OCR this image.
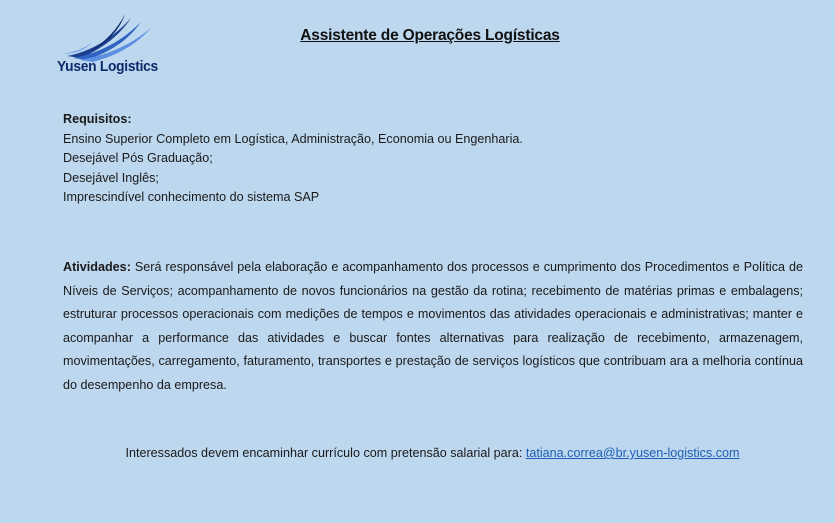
Yusen Logistics
Assistente de Operações Logísticas
Requisitos:
Ensino Superior Completo em Logística, Administração, Economia ou Engenharia.
Desejável Pós Graduação;
Desejável Inglês;
Imprescindível conhecimento do sistema SAP
Atividades: Será responsável pela elaboração e acompanhamento dos processos e cumprimento dos Procedimentos e Política de Níveis de Serviços; acompanhamento de novos funcionários na gestão da rotina; recebimento de matérias primas e embalagens; estruturar processos operacionais com medições de tempos e movimentos das atividades operacionais e administrativas; manter e acompanhar a performance das atividades e buscar fontes alternativas para realização de recebimento, armazenagem, movimentações, carregamento, faturamento, transportes e prestação de serviços logísticos que contribuam ara a melhoria contínua do desempenho da empresa.
Interessados devem encaminhar currículo com pretensão salarial para: tatiana.correa@br.yusen-logistics.com
